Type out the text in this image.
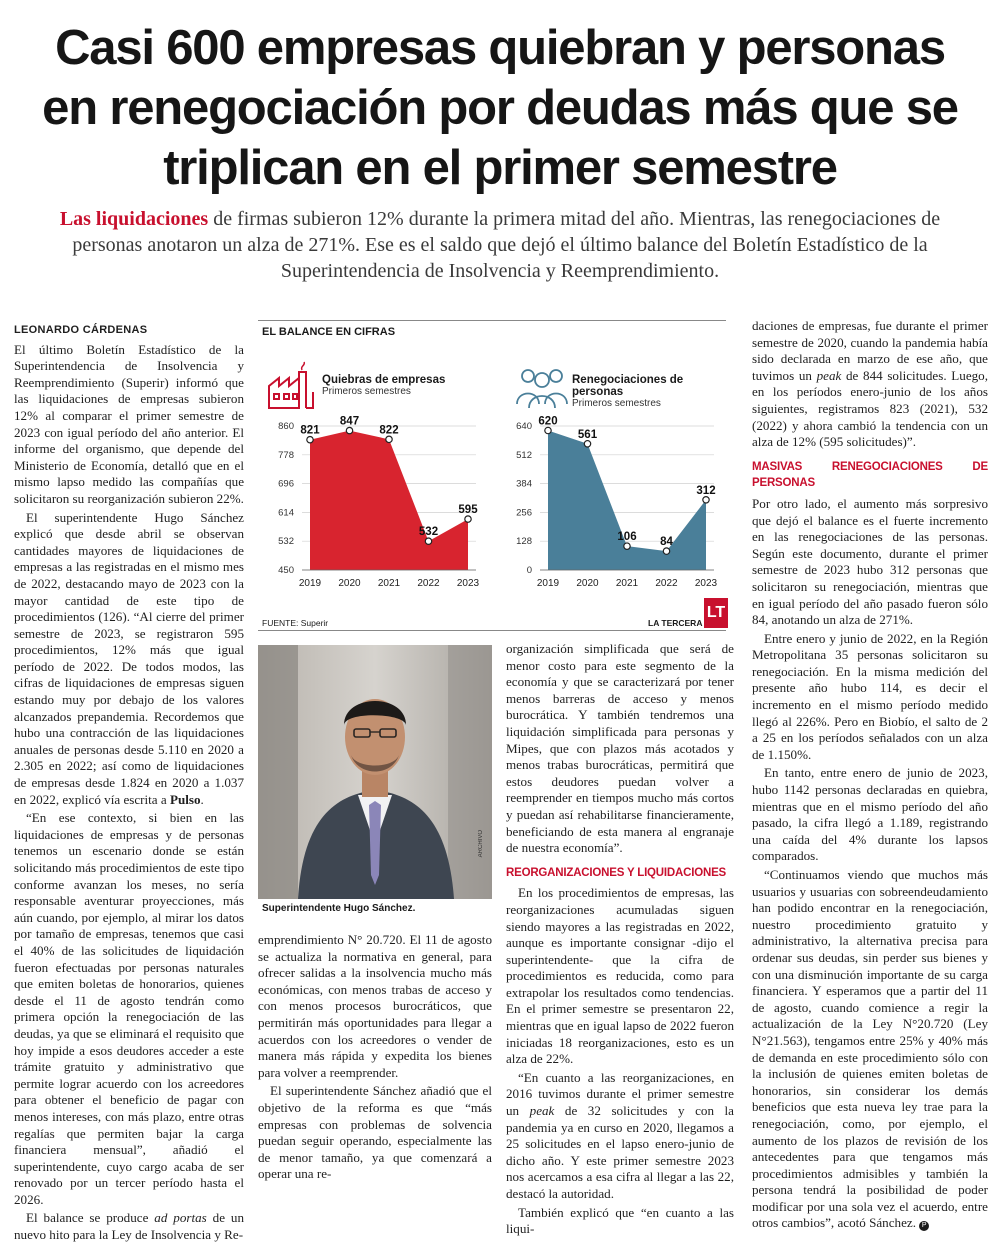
Casi 600 empresas quiebran y personas
en renegociación por deudas más que se
triplican en el primer semestre
Las liquidaciones de firmas subieron 12% durante la primera mitad del año. Mientras, las renegociaciones de personas anotaron un alza de 271%. Ese es el saldo que dejó el último balance del Boletín Estadístico de la Superintendencia de Insolvencia y Reemprendimiento.
LEONARDO CÁRDENAS

El último Boletín Estadístico de la Superintendencia de Insolvencia y Reemprendimiento (Superir) informó que las liquidaciones de empresas subieron 12% al comparar el primer semestre de 2023 con igual período del año anterior. El informe del organismo, que depende del Ministerio de Economía, detalló que en el mismo lapso medido las compañías que solicitaron su reorganización subieron 22%.

El superintendente Hugo Sánchez explicó que desde abril se observan cantidades mayores de liquidaciones de empresas a las registradas en el mismo mes de 2022, destacando mayo de 2023 con la mayor cantidad de este tipo de procedimientos (126). “Al cierre del primer semestre de 2023, se registraron 595 procedimientos, 12% más que igual período de 2022. De todos modos, las cifras de liquidaciones de empresas siguen estando muy por debajo de los valores alcanzados prepandemia. Recordemos que hubo una contracción de las liquidaciones anuales de personas desde 5.110 en 2020 a 2.305 en 2022; así como de liquidaciones de empresas desde 1.824 en 2020 a 1.037 en 2022, explicó vía escrita a Pulso.

“En ese contexto, si bien en las liquidaciones de empresas y de personas tenemos un escenario donde se están solicitando más procedimientos de este tipo conforme avanzan los meses, no sería responsable aventurar proyecciones, más aún cuando, por ejemplo, al mirar los datos por tamaño de empresas, tenemos que casi el 40% de las solicitudes de liquidación fueron efectuadas por personas naturales que emiten boletas de honorarios, quienes desde el 11 de agosto tendrán como primera opción la renegociación de las deudas, ya que se eliminará el requisito que hoy impide a esos deudores acceder a este trámite gratuito y administrativo que permite lograr acuerdo con los acreedores para obtener el beneficio de pagar con menos intereses, con más plazo, entre otras regalías que permiten bajar la carga financiera mensual”, añadió el superintendente, cuyo cargo acaba de ser renovado por un tercer período hasta el 2026.

El balance se produce ad portas de un nuevo hito para la Ley de Insolvencia y Re-

EL BALANCE EN CIFRAS
Quiebras de empresas
Primeros semestres
Renegociaciones de personas
Primeros semestres
860
778
696
614
532
450
821
2019
847
2020
822
2021
532
2022
595
2023
640
512
384
256
128
0
620
2019
561
2020
106
2021
84
2022
312
2023
LT
FUENTE: Superir	LA TERCERA
ARCHIVO
Superintendente Hugo Sánchez.

emprendimiento N° 20.720. El 11 de agosto se actualiza la normativa en general, para ofrecer salidas a la insolvencia mucho más económicas, con menos trabas de acceso y con menos procesos burocráticos, que permitirán más oportunidades para llegar a acuerdos con los acreedores o vender de manera más rápida y expedita los bienes para volver a reemprender.

El superintendente Sánchez añadió que el objetivo de la reforma es que “más empresas con problemas de solvencia puedan seguir operando, especialmente las de menor tamaño, ya que comenzará a operar una re-

organización simplificada que será de menor costo para este segmento de la economía y que se caracterizará por tener menos barreras de acceso y menos burocrática. Y también tendremos una liquidación simplificada para personas y Mipes, que con plazos más acotados y menos trabas burocráticas, permitirá que estos deudores puedan volver a reemprender en tiempos mucho más cortos y puedan así rehabilitarse financieramente, beneficiando de esta manera al engranaje de nuestra economía”.

REORGANIZACIONES Y LIQUIDACIONES

En los procedimientos de empresas, las reorganizaciones acumuladas siguen siendo mayores a las registradas en 2022, aunque es importante consignar -dijo el superintendente- que la cifra de procedimientos es reducida, como para extrapolar los resultados como tendencias. En el primer semestre se presentaron 22, mientras que en igual lapso de 2022 fueron iniciadas 18 reorganizaciones, esto es un alza de 22%.

“En cuanto a las reorganizaciones, en 2016 tuvimos durante el primer semestre un peak de 32 solicitudes y con la pandemia ya en curso en 2020, llegamos a 25 solicitudes en el lapso enero-junio de dicho año. Y este primer semestre 2023 nos acercamos a esa cifra al llegar a las 22, destacó la autoridad.

También explicó que “en cuanto a las liqui-

daciones de empresas, fue durante el primer semestre de 2020, cuando la pandemia había sido declarada en marzo de ese año, que tuvimos un peak de 844 solicitudes. Luego, en los períodos enero-junio de los años siguientes, registramos 823 (2021), 532 (2022) y ahora cambió la tendencia con un alza de 12% (595 solicitudes)”.

MASIVAS RENEGOCIACIONES DE PERSONAS

Por otro lado, el aumento más sorpresivo que dejó el balance es el fuerte incremento en las renegociaciones de las personas. Según este documento, durante el primer semestre de 2023 hubo 312 personas que solicitaron su renegociación, mientras que en igual período del año pasado fueron sólo 84, anotando un alza de 271%.

Entre enero y junio de 2022, en la Región Metropolitana 35 personas solicitaron su renegociación. En la misma medición del presente año hubo 114, es decir el incremento en el mismo período medido llegó al 226%. Pero en Biobío, el salto de 2 a 25 en los períodos señalados con un alza de 1.150%.

En tanto, entre enero de junio de 2023, hubo 1142 personas declaradas en quiebra, mientras que en el mismo período del año pasado, la cifra llegó a 1.189, registrando una caída del 4% durante los lapsos comparados.

“Continuamos viendo que muchos más usuarios y usuarias con sobreendeudamiento han podido encontrar en la renegociación, nuestro procedimiento gratuito y administrativo, la alternativa precisa para ordenar sus deudas, sin perder sus bienes y con una disminución importante de su carga financiera. Y esperamos que a partir del 11 de agosto, cuando comience a regir la actualización de la Ley N°20.720 (Ley N°21.563), tengamos entre 25% y 40% más de demanda en este procedimiento sólo con la inclusión de quienes emiten boletas de honorarios, sin considerar los demás beneficios que esta nueva ley trae para la renegociación, como, por ejemplo, el aumento de los plazos de revisión de los antecedentes para que tengamos más procedimientos admisibles y también la persona tendrá la posibilidad de poder modificar por una sola vez el acuerdo, entre otros cambios”, acotó Sánchez. P
